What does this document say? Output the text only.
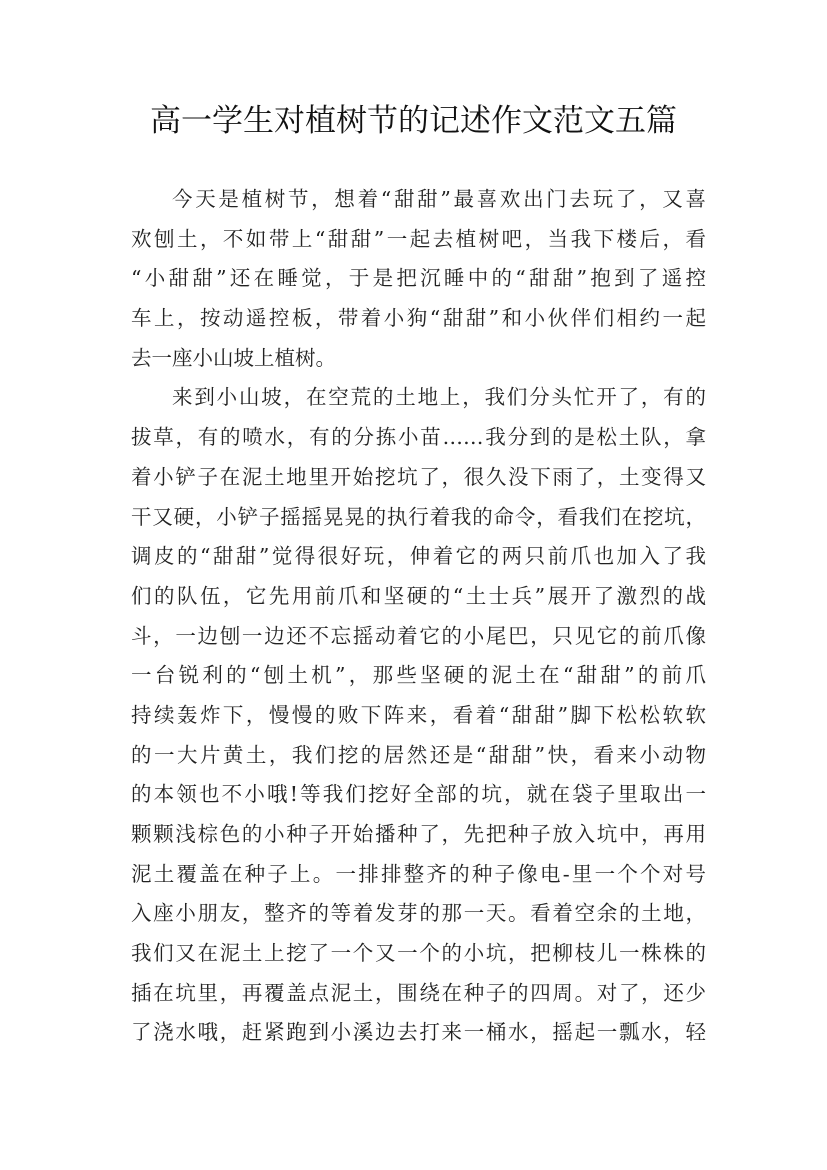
高一学生对植树节的记述作文范文五篇
今天是植树节，想着“甜甜”最喜欢出门去玩了，又喜
欢刨土，不如带上“甜甜”一起去植树吧，当我下楼后，看
“小甜甜”还在睡觉，于是把沉睡中的“甜甜”抱到了遥控
车上，按动遥控板，带着小狗“甜甜”和小伙伴们相约一起
去一座小山坡上植树。
来到小山坡，在空荒的土地上，我们分头忙开了，有的
拔草，有的喷水，有的分拣小苗……我分到的是松土队，拿
着小铲子在泥土地里开始挖坑了，很久没下雨了，土变得又
干又硬，小铲子摇摇晃晃的执行着我的命令，看我们在挖坑，
调皮的“甜甜”觉得很好玩，伸着它的两只前爪也加入了我
们的队伍，它先用前爪和坚硬的“土士兵”展开了激烈的战
斗，一边刨一边还不忘摇动着它的小尾巴，只见它的前爪像
一台锐利的“刨土机”，那些坚硬的泥土在“甜甜”的前爪
持续轰炸下，慢慢的败下阵来，看着“甜甜”脚下松松软软
的一大片黄土，我们挖的居然还是“甜甜”快，看来小动物
的本领也不小哦!等我们挖好全部的坑，就在袋子里取出一
颗颗浅棕色的小种子开始播种了，先把种子放入坑中，再用
泥土覆盖在种子上。一排排整齐的种子像电-里一个个对号
入座小朋友，整齐的等着发芽的那一天。看着空余的土地，
我们又在泥土上挖了一个又一个的小坑，把柳枝儿一株株的
插在坑里，再覆盖点泥土，围绕在种子的四周。对了，还少
了浇水哦，赶紧跑到小溪边去打来一桶水，摇起一瓢水，轻
